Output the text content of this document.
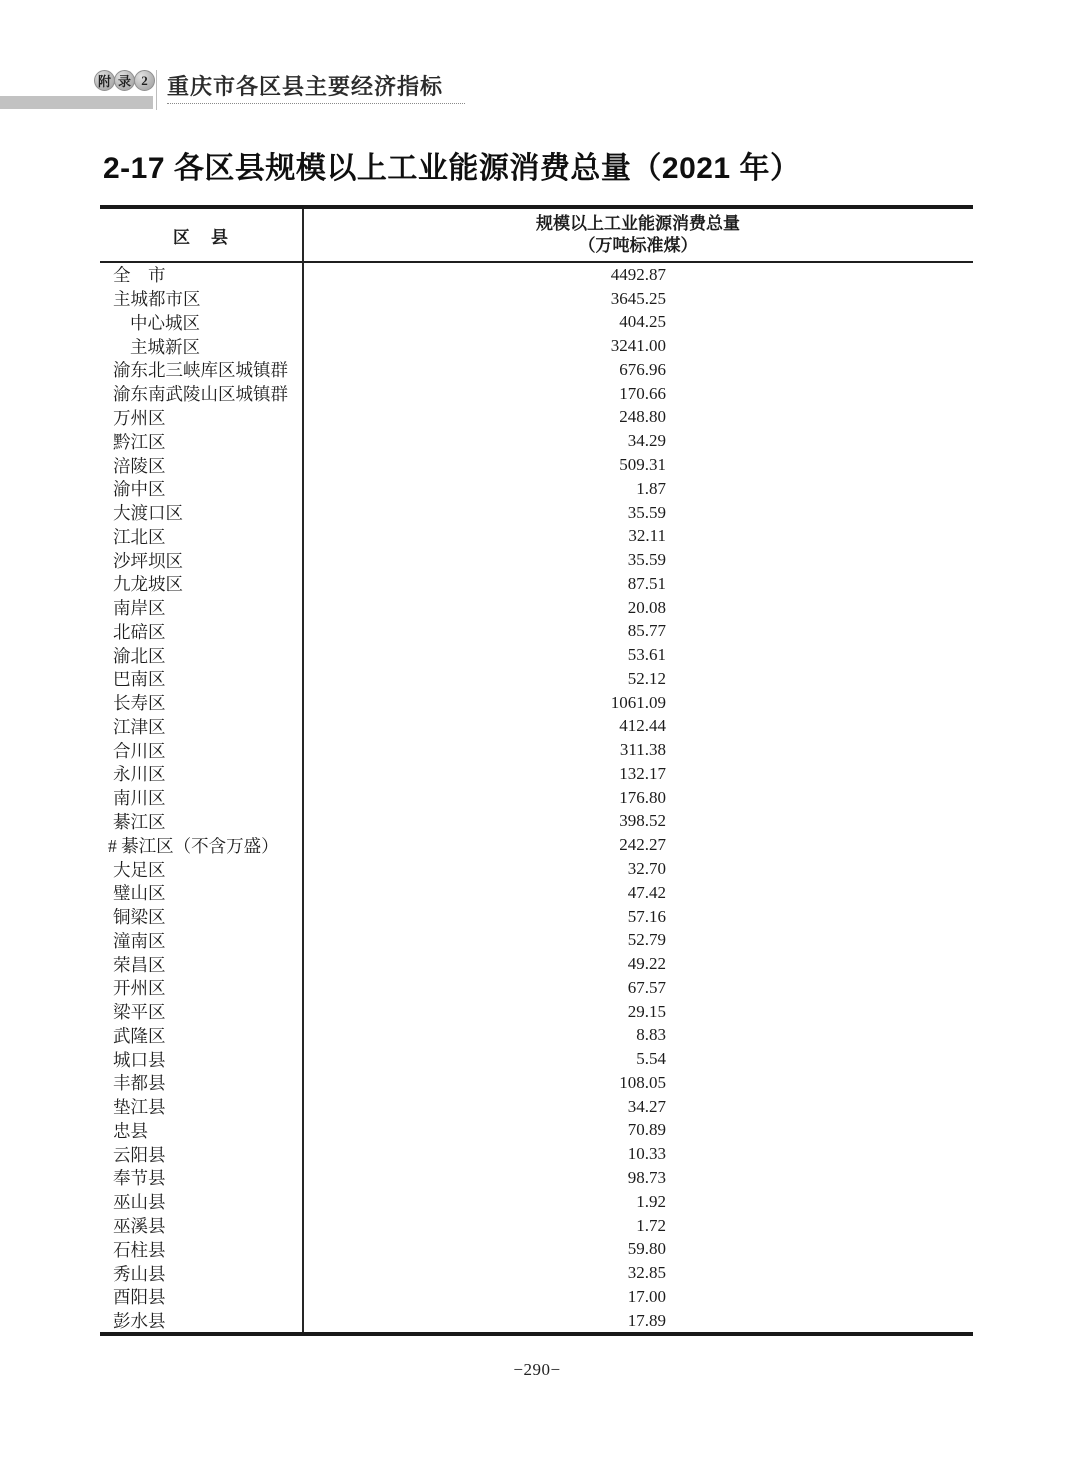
附 录 2 重庆市各区县主要经济指标
2-17 各区县规模以上工业能源消费总量（2021 年）
区　县
规模以上工业能源消费总量
（万吨标准煤）
全　市	4492.87
主城都市区	3645.25
中心城区	404.25
主城新区	3241.00
渝东北三峡库区城镇群	676.96
渝东南武陵山区城镇群	170.66
万州区	248.80
黔江区	34.29
涪陵区	509.31
渝中区	1.87
大渡口区	35.59
江北区	32.11
沙坪坝区	35.59
九龙坡区	87.51
南岸区	20.08
北碚区	85.77
渝北区	53.61
巴南区	52.12
长寿区	1061.09
江津区	412.44
合川区	311.38
永川区	132.17
南川区	176.80
綦江区	398.52
# 綦江区（不含万盛）	242.27
大足区	32.70
璧山区	47.42
铜梁区	57.16
潼南区	52.79
荣昌区	49.22
开州区	67.57
梁平区	29.15
武隆区	8.83
城口县	5.54
丰都县	108.05
垫江县	34.27
忠县	70.89
云阳县	10.33
奉节县	98.73
巫山县	1.92
巫溪县	1.72
石柱县	59.80
秀山县	32.85
酉阳县	17.00
彭水县	17.89
−290−
